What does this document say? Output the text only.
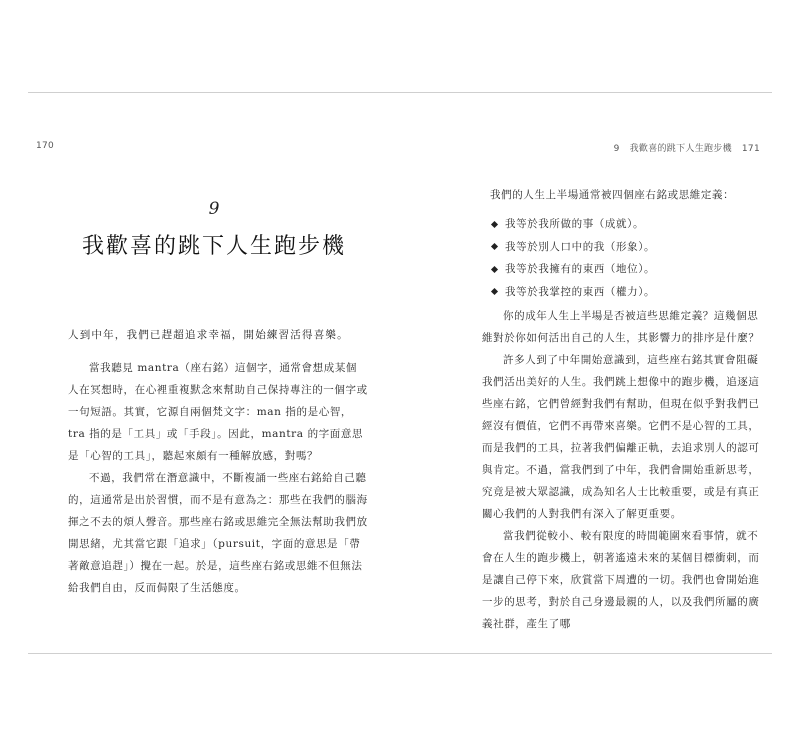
170
9
我歡喜的跳下人生跑步機

人到中年，我們已趕超追求幸福，開始練習活得喜樂。

當我聽見 mantra（座右銘）這個字，通常會想成某個人在冥想時，在心裡重複默念來幫助自己保持專注的一個字或一句短語。其實，它源自兩個梵文字：man 指的是心智，tra 指的是「工具」或「手段」。因此，mantra 的字面意思是「心智的工具」，聽起來頗有一種解放感，對嗎？

不過，我們常在潛意識中，不斷複誦一些座右銘給自己聽的，這通常是出於習慣，而不是有意為之：那些在我們的腦海揮之不去的煩人聲音。那些座右銘或思維完全無法幫助我們放開思緒，尤其當它跟「追求」（pursuit，字面的意思是「帶著敵意追趕」）攪在一起。於是，這些座右銘或思維不但無法給我們自由，反而侷限了生活態度。

9 我歡喜的跳下人生跑步機 171

我們的人生上半場通常被四個座右銘或思維定義：

我等於我所做的事（成就）。
我等於別人口中的我（形象）。
我等於我擁有的東西（地位）。
我等於我掌控的東西（權力）。

你的成年人生上半場是否被這些思維定義？這幾個思維對於你如何活出自己的人生，其影響力的排序是什麼？

許多人到了中年開始意識到，這些座右銘其實會阻礙我們活出美好的人生。我們跳上想像中的跑步機，追逐這些座右銘，它們曾經對我們有幫助，但現在似乎對我們已經沒有價值，它們不再帶來喜樂。它們不是心智的工具，而是我們的工具，拉著我們偏離正軌，去追求別人的認可與肯定。不過，當我們到了中年，我們會開始重新思考，究竟是被大眾認識，成為知名人士比較重要，或是有真正關心我們的人對我們有深入了解更重要。

當我們從較小、較有限度的時間範圍來看事情，就不會在人生的跑步機上，朝著遙遠未來的某個目標衝刺，而是讓自己停下來，欣賞當下周遭的一切。我們也會開始進一步的思考，對於自己身邊最親的人，以及我們所屬的廣義社群，產生了哪
